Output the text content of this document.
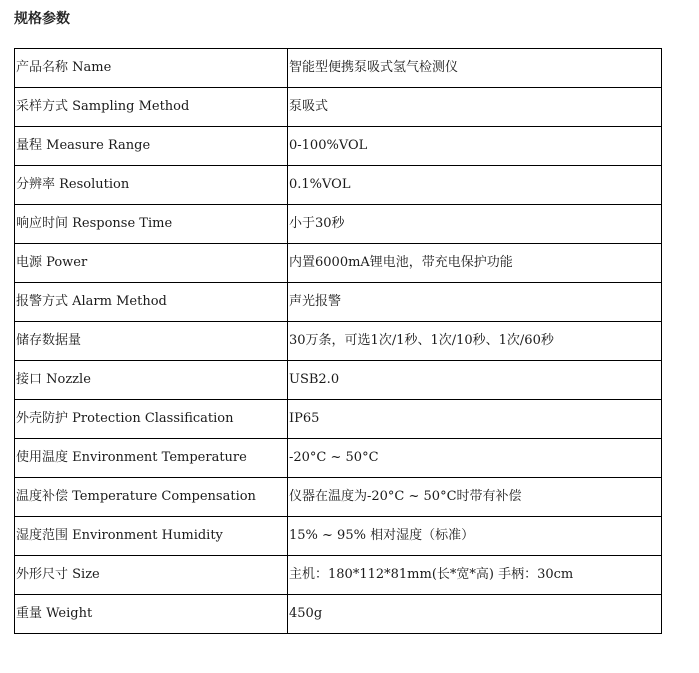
规格参数
产品名称 Name	智能型便携泵吸式氢气检测仪
采样方式 Sampling Method	泵吸式
量程 Measure Range	0-100%VOL
分辨率 Resolution	0.1%VOL
响应时间 Response Time	小于30秒
电源 Power	内置6000mA锂电池，带充电保护功能
报警方式 Alarm Method	声光报警
储存数据量	30万条，可选1次/1秒、1次/10秒、1次/60秒
接口 Nozzle	USB2.0
外壳防护 Protection Classification	IP65
使用温度 Environment Temperature	-20°C ~ 50°C
温度补偿 Temperature Compensation	仪器在温度为-20°C ~ 50°C时带有补偿
湿度范围 Environment Humidity	15% ~ 95% 相对湿度（标准）
外形尺寸 Size	主机：180*112*81mm(长*宽*高) 手柄：30cm
重量 Weight	450g
